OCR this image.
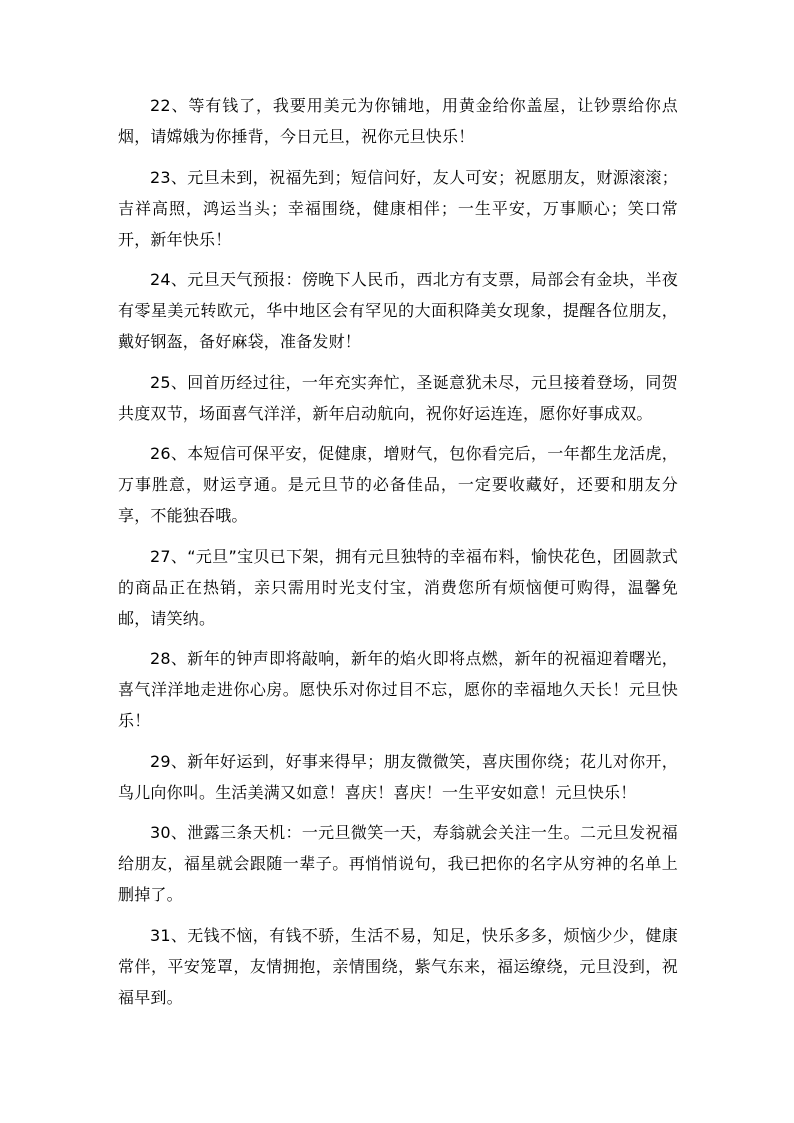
22、等有钱了，我要用美元为你铺地，用黄金给你盖屋，让钞票给你点烟，请嫦娥为你捶背，今日元旦，祝你元旦快乐！

23、元旦未到，祝福先到；短信问好，友人可安；祝愿朋友，财源滚滚；吉祥高照，鸿运当头；幸福围绕，健康相伴；一生平安，万事顺心；笑口常开，新年快乐！

24、元旦天气预报：傍晚下人民币，西北方有支票，局部会有金块，半夜有零星美元转欧元，华中地区会有罕见的大面积降美女现象，提醒各位朋友，戴好钢盔，备好麻袋，准备发财！

25、回首历经过往，一年充实奔忙，圣诞意犹未尽，元旦接着登场，同贺共度双节，场面喜气洋洋，新年启动航向，祝你好运连连，愿你好事成双。

26、本短信可保平安，促健康，增财气，包你看完后，一年都生龙活虎，万事胜意，财运亨通。是元旦节的必备佳品，一定要收藏好，还要和朋友分享，不能独吞哦。

27、“元旦”宝贝已下架，拥有元旦独特的幸福布料，愉快花色，团圆款式的商品正在热销，亲只需用时光支付宝，消费您所有烦恼便可购得，温馨免邮，请笑纳。

28、新年的钟声即将敲响，新年的焰火即将点燃，新年的祝福迎着曙光，喜气洋洋地走进你心房。愿快乐对你过目不忘，愿你的幸福地久天长！元旦快乐！

29、新年好运到，好事来得早；朋友微微笑，喜庆围你绕；花儿对你开，鸟儿向你叫。生活美满又如意！喜庆！喜庆！一生平安如意！元旦快乐！

30、泄露三条天机：一元旦微笑一天，寿翁就会关注一生。二元旦发祝福给朋友，福星就会跟随一辈子。再悄悄说句，我已把你的名字从穷神的名单上删掉了。

31、无钱不恼，有钱不骄，生活不易，知足，快乐多多，烦恼少少，健康常伴，平安笼罩，友情拥抱，亲情围绕，紫气东来，福运缭绕，元旦没到，祝福早到。
